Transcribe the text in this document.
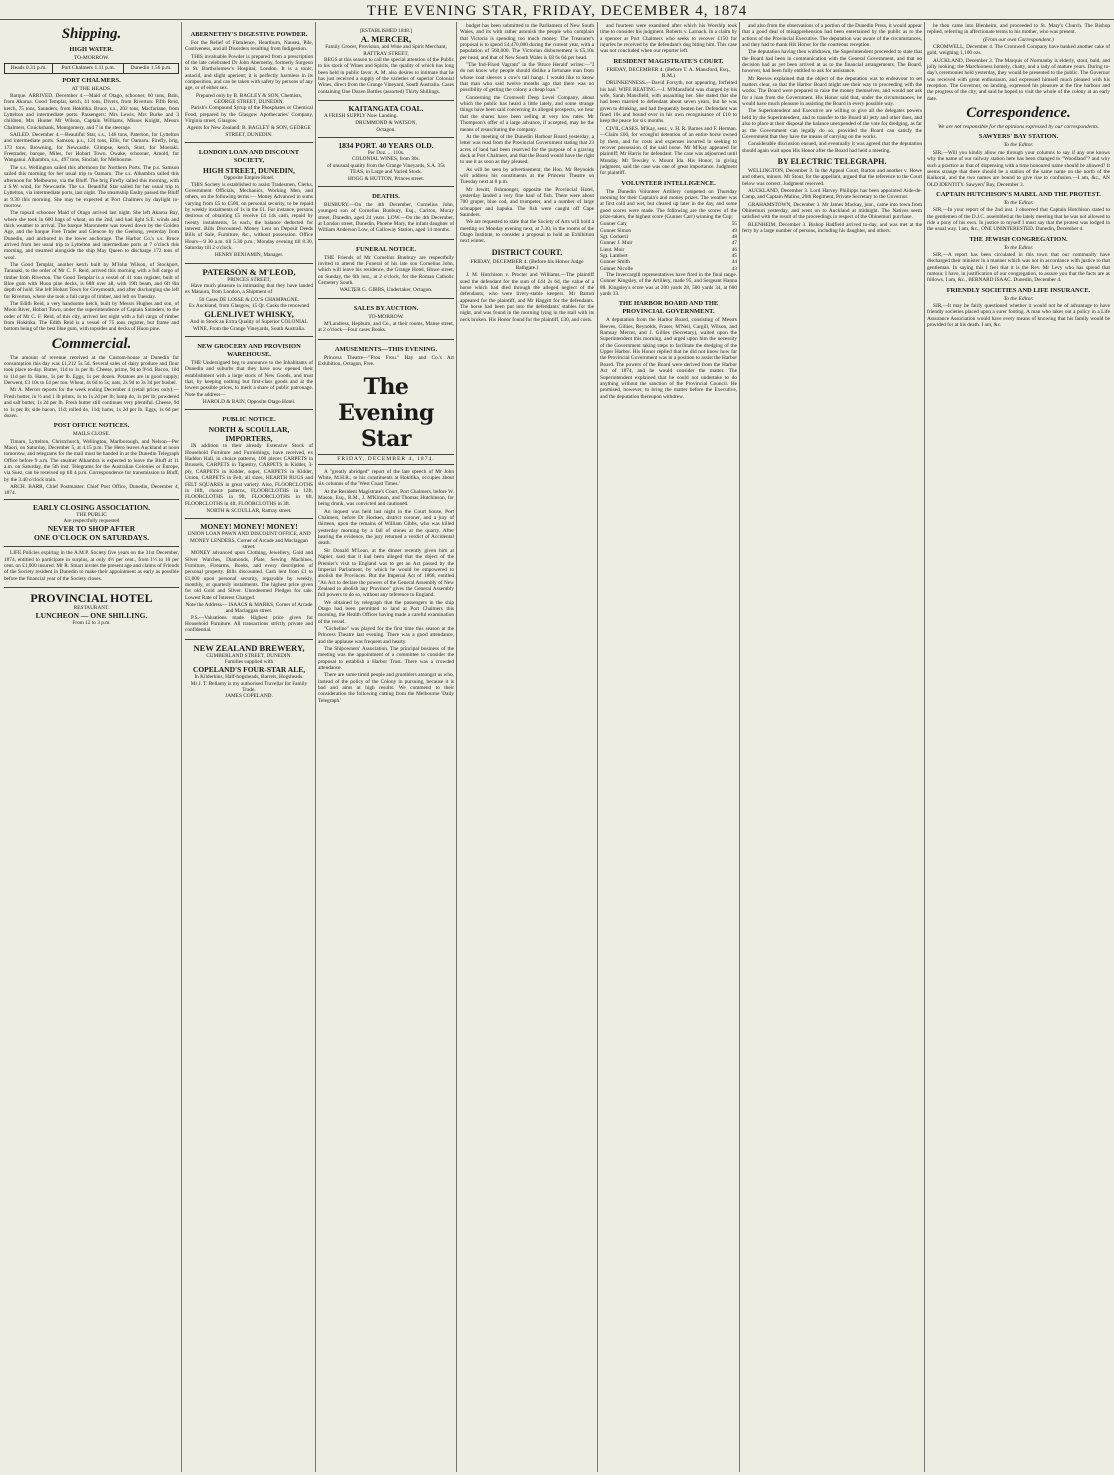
THE EVENING STAR, FRIDAY, DECEMBER 4, 1874
Shipping.
HIGH WATER.
TO-MORROW.
Heads 0.31 p.m.	Port Chalmers 1.11 p.m.	Dunedin 1.56 p.m.
PORT CHALMERS.
AT THE HEADS.

Barque. ARRIVED. December 4.—Maid of Otago, schooner, 60 tons, Bain, from Akaroa. Good Templar, ketch, 41 tons, Divers, from Riverton. Fifth Reid, ketch, 75 tons, Saunders, from Hokitika. Bruce, s.s., 202 tons, Macfarlane, from Lyttelton and intermediate ports. Passengers: Mrs Lewis, Mrs Burke and 3 children, Mrs Hunter Mr Wilson, Captain Williams, Misses Knight, Messrs Chalmers, Cruickshank, Montgomery, and 7 in the steerage.

SAILED. December 4.—Beautiful Star, s.s., 146 tons, Paterson, for Lyttelton and intermediate ports. Samson, p.s., 124 tons, Ellis, for Oamaru. Firefly, brig, 173 tons, Browning, for Newcastle. Glimpse, ketch, Stott, for Moeraki. Freetrader, barque, Miles, for Hobart Town. Owake, schooner, Arnold, for Wanganui. Alhambra, s.s., 497 tons, Sinclair, for Melbourne.

The s.s. Wellington sailed this afternoon for Northern Ports. The p.s. Samson sailed this morning for her usual trip to Oamaru. The s.s. Alhambra sailed this afternoon for Melbourne, via the Bluff. The brig Firefly sailed this morning, with a S.W. wind, for Newcastle. The s.s. Beautiful Star sailed for her usual trip to Lyttelton, via intermediate ports, last night. The steamship Easby passed the Bluff at 9.30 this morning. She may be expected at Port Chalmers by daylight to-morrow.

The topsail schooner Maid of Otago arrived last night. She left Akaroa Bay, where she took in 600 bags of wheat, on the 2nd, and had light S.E. winds and thick weather to arrival. The barque Maronnette was towed down by the Golden Age, and the barque Free Trader and Glencoe by the Geelong, yesterday from Dunedin, and anchored in the lower anchorage. The Harbor Co.'s s.s. Bruce arrived from her usual trip to Lyttelton and intermediate ports at 7 o'clock this morning, and steamed alongside the ship May Queen to discharge 172 tons of wool.

The Good Templar, another ketch built by M'John Wilson, of Stockport, Taranaki, to the order of Mr C. F. Reid, arrived this morning with a full cargo of timber from Riverton. The Good Templar is a vessel of 41 tons register, built of Blue gum with Huon pine decks, is 68ft over all, with 19ft beam, and 6ft 8in depth of hold. She left Hobart Town for Greymouth, and after discharging she left for Riverton, where she took a full cargo of timber, and left on Tuesday.

The Edith Reid, a very handsome ketch, built by Messrs Hughes and son, of Moon River, Hobart Town, under the superintendence of Captain Saunders, to the order of Mr C. F. Reid, of this city, arrived last night with a full cargo of timber from Hokitika. The Edith Reid is a vessel of 75 tons register, but frame and bottom being of the best blue gum, with topsides and decks of Huon pine.

Commercial.

The amount of revenue received at the Custom-house at Dunedin for consumption this day was £1,212 5s 5d. Several sales of dairy produce and flour took place to-day. Butter, 11d to 1s per lb. Cheese, prime, 9d to 9½d. Bacon, 10d to 11d per lb. Hams, 1s per lb. Eggs, 1s per dozen. Potatoes are in good supply; Derwent, £3 10s to £4 per ton. Wheat, 4s 6d to 5s; oats, 2s 9d to 3s 3d per bushel.

Mr A. Mercer reports for the week ending December 4 (retail prices only):—Fresh butter, in ½ and 1 lb prints, 1s to 1s 2d per lb; lump do, 1s per lb; powdered and salt butter, 1s 2d per lb. Fresh butter still continues very plentiful. Cheese, 9d to 1s per lb; side bacon, 11d; rolled do, 11d; hams, 1s 2d per lb. Eggs, 1s 6d per dozen.

POST OFFICE NOTICES.
MAILS CLOSE.

Timaru, Lyttelton, Christchurch, Wellington, Marlborough, and Nelson—Per Maori, on Saturday, December 5, at 4.15 p.m. The Hero leaves Auckland at noon tomorrow, and telegrams for the mail must be handed in at the Dunedin Telegraph Office before 9 a.m. The steamer Alhambra is expected to leave the Bluff at 11 a.m. on Saturday, the 5th inst. Telegrams for the Australian Colonies or Europe, via Suez, can be received up till 4 p.m. Correspondence for transmission to Bluff, by the 3.40 o'clock train.

ARCH. BARR, Chief Postmaster. Chief Post Office, Dunedin, December 4, 1874.

EARLY CLOSING ASSOCIATION.
THE PUBLIC
Are respectfully requested
NEVER TO SHOP AFTER
ONE O'CLOCK ON SATURDAYS.

LIFE Policies expiring in the A.M.P. Society five years on the 31st December, 1874, entitled to participate in surplus, at only 4½ per cent., from 1½ to 10 per cent. on £1,000 insured. Mr R. Smart invites the present age and claims of Friends of the Society resident in Dunedin to make their appointment as early as possible before the financial year of the Society closes.

PROVINCIAL HOTEL
RESTAURANT.
LUNCHEON — ONE SHILLING.
From 12 to 3 p.m.
ABERNETHY'S DIGESTIVE POWDER.

For the Relief of Flatulence, Heartburn, Nausea, Pile, Costiveness, and all Disorders resulting from Indigestion.

THIS invaluable Powder is prepared from a prescription of the late celebrated Dr John Abernethy, formerly Surgeon to St. Bartholomew's Hospital, London. It is a tonic, antacid, and slight aperient; it is perfectly harmless in its composition, and can be taken with safety by persons of any age, or of either sex.

Prepared only by B. BAGLEY & SON, Chemists, GEORGE STREET, DUNEDIN.

Parish's Compound Syrup of the Phosphates or Chemical Food, prepared by the Glasgow Apothecaries' Company, Virginia street, Glasgow.

Agents for New Zealand: B. BAGLEY & SON, GEORGE STREET, DUNEDIN.
LONDON LOAN AND DISCOUNT SOCIETY,
HIGH STREET, DUNEDIN,
Opposite Empire Hotel.

THIS Society is established to assist Tradesmen, Clerks, Government Officials, Mechanics, Working Men, and others, on the following terms:— Money Advanced in sums varying from £5 to £500, on personal security, to be repaid by weekly instalments of 1s in the £1. For instance, persons desirous of obtaining £5 receive £4 14s cash, repaid by twenty instalments, 5s each, the balance deducted for interest. Bills Discounted. Money Lent on Deposit Deeds Bills of Sale, Furniture, &c., without possession. Office Hours—9 30 a.m. till 5.30 p.m.; Monday evening till 8.30, Saturday till 2 o'clock.

HENRY BENJAMIN, Manager.
PATERSON & M'LEOD,
PRINCES STREET,

Have much pleasure in intimating that they have landed ex Mataura, from London, a Shipment of

50 Cases DE LOSSE & CO.'S CHAMPAGNE.
Ex Auckland, from Glasgow, 15 Qr. Casks the renowned
GLENLIVET WHISKY,
And in Stock an Extra Quality of Superior COLONIAL WINE, From the Grange Vineyards, South Australia.
NEW GROCERY AND PROVISION WAREHOUSE.

THE Undersigned beg to announce to the Inhabitants of Dunedin and suburbs that they have now opened their establishment with a large stock of New Goods, and trust that, by keeping nothing but first-class goods and at the lowest possible prices, to merit a share of public patronage. Note the address—

HAROLD & BAIN, Opposite Otago Hotel.
PUBLIC NOTICE.
NORTH & SCOULLAR, IMPORTERS,

IN addition to their already Extensive Stock of Household Furniture and Furnishings, have received, ex Haddon Hall, in choice patterns, 100 pieces CARPETS in Brussels, CARPETS in Tapestry, CARPETS in Kidder, 3-ply, CARPETS in Kidder, super, CARPETS in Kidder, Union, CARPETS in Felt, all sizes, HEARTH RUGS and FELT SQUARES in great variety. Also, FLOORCLOTHS in 18ft, choice patterns, FLOORCLOTHS in 12ft, FLOORCLOTHS in 9ft, FLOORCLOTHS in 6ft, FLOORCLOTHS in 4ft, FLOORCLOTHS in 3ft.

NORTH & SCOULLAR, Rattray street.
MONEY! MONEY! MONEY!
UNION LOAN PAWN AND DISCOUNT OFFICE, AND MONEY LENDERS, Corner of Arcade and Maclaggan street.

MONEY advanced upon Clothing, Jewellery, Gold and Silver Watches, Diamonds, Plate, Sewing Machines, Furniture, Firearms, Books, and every description of personal property. Bills discounted. Cash lent from £1 to £1,000 upon personal security, repayable by weekly, monthly, or quarterly instalments. The highest price given for old Gold and Silver. Unredeemed Pledges for sale. Lowest Rate of Interest Charged.

Note the Address— ISAACS & MARKS, Corner of Arcade and Maclaggan street.

P.S.—Valuations made. Highest price given for Household Furniture. All transactions strictly private and confidential.

NEW ZEALAND BREWERY,
CUMBERLAND STREET, DUNEDIN.
Families supplied with
COPELAND'S FOUR-STAR ALE,
In Kilderkins, Half-hogsheads, Barrels, Hogsheads.
Mr J. T. Bellamy is my authorised Travellar for Family Trade.
JAMES COPELAND.
[ESTABLISHED 1848.]
A. MERCER,
Family Grocer, Provision, and Wine and Spirit Merchant,
RATTRAY STREET,

BEGS at this season to call the special attention of the Public to his stock of Wines and Spirits, the quality of which has long been held in public favor. A. M. also desires to intimate that he has just received a supply of the varieties of superior Colonial Wines, direct from the Grange Vineyard, South Australia. Cases containing One Dozen Bottles (assorted) Thirty Shillings.

KAITANGATA COAL.

A FRESH SUPPLY Now Landing.

DRUMMOND & WATSON,
Octagon.
1834 PORT. 40 YEARS OLD.
Per Doz. ... 110s.
COLONIAL WINES, from 30s.
of unusual quality from the Grange Vineyards, S.A. 35s
TEAS, in Large and Varied Stock.
HOGG & HUTTON, Princes street.
DEATHS.

BUSBURY.—On the 4th December, Cornelius John, youngest son of Cornelius Bunbury, Esq., Carlton, Moray street, Dunedin, aged 24 years. LOW.—On the 4th December, at London street, Dunedin, Phoebe Mary, the infant daughter of William Anderson Low, of Galloway Station, aged 14 months.

FUNERAL NOTICE.

THE Friends of Mr Cornelius Bunbury are respectfully invited to attend the Funeral of his late son Cornelius John, which will leave his residence, the Grange Hotel, Howe street, on Sunday, the 6th inst., at 2 o'clock, for the Roman Catholic Cemetery South.

WALTER G. GIBBS, Undertaker, Octagon.
SALES BY AUCTION.
TO-MORROW.

M'Landress, Hepburn, and Co., at their rooms, Manse street, at 2 o'clock—Four cases Books.

AMUSEMENTS—THIS EVENING.

Princess Theatre—"Frou Frou." Hay and Co.'s Art Exhibition, Octagon, Free.

The Evening Star
FRIDAY, DECEMBER 4, 1874.

A "greatly abridged" report of the late speech of Mr John White, M.H.R., to his constituents at Hokitika, occupies about six columns of the 'West Coast Times.'

At the Resident Magistrate's Court, Port Chalmers, before W. Mason, Esq., R.M., J. M'Kinnon, and Thomas Hutchinson, for being drunk, was convicted and cautioned.

An inquest was held last night in the Court house, Port Chalmers, before Dr Hocken, district coroner, and a jury of thirteen, upon the remains of William Gibbs, who was killed yesterday morning by a fall of stones at the quarry. After hearing the evidence, the jury returned a verdict of Accidental death.

Sir Donald M'Lean, at the dinner recently given him at Napier, said that it had been alleged that the object of the Premier's visit to England was to get an Act passed by the Imperial Parliament, by which he would be empowered to abolish the Provinces. But the Imperial Act of 1868, entitled "An Act to declare the powers of the General Assembly of New Zealand to abolish any Province" gives the General Assembly full powers to do so, without any reference to England.

We obtained by telegraph that the passengers in the ship Otago had been permitted to land at Port Chalmers this morning, the Health Officer having made a careful examination of the vessel.

"Gicheline" was played for the first time this season at the Princess Theatre last evening. There was a good attendance, and the applause was frequent and hearty.

The Shipowners' Association. The principal business of the meeting was the appointment of a committee to consider the proposal to establish a Harbor Trust. There was a crowded attendance.

There are some timid people and grumblers amongst us who, instead of the policy of the Colony in pursuing, because it is bad and aims at high results. We commend to their consideration the following cutting from the Melbourne 'Daily Telegraph.'

budget has been submitted to the Parliament of New South Wales, and its with rather astonish the people who complain that Victoria is spending too much money. The Treasurer's proposal is to spend £4,470,000 during the current year, with a population of 560,000. The Victorian disbursement is £5,10s per head, and that of New South Wales is £8 6s 6d per head.

"The Ind-Fixed Vagrant" in the 'Bruce Herald' writes:—"I do not know why people should dislike a fortunate man from whose coat sleeves a cow's tail hangs. I would like to know that man who said twelve months ago that there was no possibility of getting the colony a cheap loan."

Concerning the Cromwell Deep Level Company, about which the public has heard a little lately, and some strange things have been said concerning its alleged prospects, we hear that the shares have been selling at very low rates. Mr Thompson's offer of a large advance, if accepted, may be the means of resuscitating the company.

At the meeting of the Dunedin Harbour Board yesterday, a letter was read from the Provincial Government stating that 23 acres of land had been reserved for the purpose of a graving dock at Port Chalmers, and that the Board would have the right to use it as soon as they pleased.

As will be seen by advertisement, the Hon. Mr Reynolds will address his constituents at the Princess Theatre on Tuesday next at 8 p.m.

Mr Jewitt, fishmonger, opposite the Provincial Hotel, yesterday landed a very fine haul of fish. There were about 700 groper, blue cod, and trumpeter, and a number of large schnapper and hapuka. The fish were caught off Cape Saunders.

We are requested to state that the Society of Arts will hold a meeting on Monday evening next, at 7.30, in the rooms of the Otago Institute, to consider a proposal to hold an Exhibition next winter.

DISTRICT COURT.
FRIDAY, DECEMBER 4. (Before his Honor Judge Bathgate.)

J. M. Hutchison v. Procter and Williams.—The plaintiff sued the defendant for the sum of £44 2s 6d, the value of a horse which had died through the alleged neglect of the defendants, who were livery-stable keepers. Mr Barton appeared for the plaintiff, and Mr Haggitt for the defendants. The horse had been put into the defendants' stables for the night, and was found in the morning lying in the stall with its neck broken. His Honor found for the plaintiff, £30, and costs.

and fourteen were examined after which his Worship took time to consider his judgment. Roberts v. Larnach. In a claim by a spencer at Port Chalmers who seeks to recover £150 for injuries he received by the defendant's dog biting him. This case was not concluded when our reporter left.

RESIDENT MAGISTRATE'S COURT.
FRIDAY, DECEMBER 4. (Before T. A. Mansford, Esq., R.M.)

DRUNKENNESS.—David Forsyth, not appearing, forfeited his bail. WIFE BEATING.—J. M'Mansfield was charged by his wife, Sarah Mansfield, with assaulting her. She stated that she had been married to defendant about seven years, but he was given to drinking, and had frequently beaten her. Defendant was fined 10s and bound over in his own recognisance of £10 to keep the peace for six months.

CIVIL CASES. M'Kay, senr., v. H. R. Barnes and F. Herman.—Claim £60, for wrongful detention of an entire horse owned by them, and for costs and expenses incurred in seeking to recover possession of the said horse. Mr M'Kay appeared for plaintiff; Mr Harris for defendant. The case was adjourned until Monday. Mr Tewsley v. Mount Ida. His Honor, in giving judgment, said the case was one of great importance. Judgment for plaintiff.

VOLUNTEER INTELLIGENCE.

The Dunedin Volunteer Artillery competed on Thursday morning for their Captain's and money prizes. The weather was at first cold and wet, but cleared up later in the day, and some good scores were made. The following are the scores of the prize-takers, the highest score (Gunner Carr) winning the Cup:

Gunner Carr	55
Gunner Simon	49
Sgt. Cockeril	48
Gunner J. Muir	47
Lieut. Muir	46
Sgt. Lambert	45
Gunner Smith	44
Gunner Nicolle	43

The Invercargill representatives have fired in the final range. Gunner Kingsley, of the Artillery, made 95, and Sergeant Hanna 88. Kingsley's score was at 200 yards 28, 500 yards 34, at 600 yards 33.

THE HARBOR BOARD AND THE PROVINCIAL GOVERNMENT.

A deputation from the Harbor Board, consisting of Messrs Reeves, Gillies, Reynolds, Fraser, M'Neil, Cargill, Wilson, and Ramsay Mercer, and J. Gillies (Secretary), waited upon the Superintendent this morning, and urged upon him the necessity of the Government taking steps to facilitate the dredging of the Upper Harbor. His Honor replied that he did not know how far the Provincial Government was in a position to assist the Harbor Board. The powers of the Board were derived from the Harbor Act of 1874, and he would consider the matter. The Superintendent explained that he could not undertake to do anything without the sanction of the Provincial Council. He promised, however, to bring the matter before the Executive, and the deputation thereupon withdrew.

and also from the observations of a portion of the Dunedin Press, it would appear that a good deal of misapprehension had been entertained by the public as to the actions of the Provincial Executive. The deputation was aware of the circumstances, and they had to thank His Honor for the courteous reception.

The deputation having then withdrawn, the Superintendent proceeded to state that the Board had been in communication with the General Government, and that no decision had as yet been arrived at as to the financial arrangements. The Board, however, had been fully entitled to ask for assistance.

Mr Reeves explained that the object of the deputation was to endeavour to set matters clear, so that the Harbor Board might see their way to proceeding with the works. The Board were prepared to raise the money themselves, and would not ask for a loan from the Government. His Honor said that, under the circumstances, he would have much pleasure in assisting the Board in every possible way.

The Superintendent and Executive are willing to give all the delegates powers held by the Superintendent, and to transfer to the Board all jetty and other dues, and also to place at their disposal the balance unexpended of the vote for dredging, as far as the Government can legally do so, provided the Board can satisfy the Government that they have the means of carrying on the works.

Considerable discussion ensued, and eventually it was agreed that the deputation should again wait upon His Honor after the Board had held a meeting.

BY ELECTRIC TELEGRAPH.

WELLINGTON, December 3. In the Appeal Court, Barton and another v. Howe and others, minors. Mr Stout, for the appellant, argued that the reference to the Court below was correct. Judgment reserved.

AUCKLAND, December 3. Lord Harvey Phillipps has been appointed Aide-de-Camp, and Captain Malino, 20th Regiment, Private Secretary to the Governor.

GRAHAMSTOWN, December 3. Mr James Mackay, junr., came into town from Ohinemuri yesterday, and went on to Auckland at midnight. The Natives seem satisfied with the result of the proceedings in respect of the Ohinemuri purchase.

BLENHEIM, December 3. Bishop Hadfield arrived to-day, and was met at the ferry by a large number of persons, including his daughter, and others.

he then came into Blenheim, and proceeded to St. Mary's Church. The Bishop replied, referring in affectionate terms to his mother, who was present.

(From our own Correspondent.)

CROMWELL, December 4. The Cromwell Company have banked another cake of gold, weighing 1,100 ozs.

AUCKLAND, December 3. The Marquis of Normanby is elderly, stout, bald, and jolly looking; the Marchioness homely, chatty, and a lady of mature years. During to-day's ceremonies held yesterday, they would be presented to the public. The Governor was received with great enthusiasm, and expressed himself much pleased with his reception. The Governor, on landing, expressed his pleasure at the fine harbour and the progress of the city, and said he hoped to visit the whole of the colony at an early date.

Correspondence.
We are not responsible for the opinions expressed by our correspondents.
SAWYERS' BAY STATION.
To the Editor.

SIR,—Will you kindly allow me through your columns to say if any one knows why the name of our railway station here has been changed to "Woodland"? and why such a practice as that of dispensing with a time honoured name should be allowed? It seems strange that there should be a station of the same name on the north of the Kaikorai, and the two names are bound to give rise to confusion.—I am, &c., AN OLD IDENTITY. Sawyers' Bay, December 3.

CAPTAIN HUTCHISON'S MABEL AND THE PROTEST.
To the Editor.

SIR,—In your report of the 2nd inst. I observed that Captain Hutchison stated to the gentlemen of the D.J.C. assembled at the lately meeting that he was not allowed to ride a pony of his own. In justice to myself I must say that the protest was lodged in the usual way. I am, &c., ONE UNINTERESTED. Dunedin, December 4.

THE JEWISH CONGREGATION.
To the Editor.

SIR,—A report has been circulated in this town that our community have discharged their minister in a manner which was not in accordance with justice to that gentleman. In saying this I feel that it is the Rev. Mr Levy who has spread that rumour. I have, in justification of our congregation, to assure you that the facts are as follows. I am, &c., BERNARD ISAAC. Dunedin, December 4.

FRIENDLY SOCIETIES AND LIFE INSURANCE.
To the Editor.

SIR,—It may be fairly questioned whether it would not be of advantage to have friendly societies placed upon a surer footing. A man who takes out a policy in a Life Assurance Association would have every means of knowing that his family would be provided for at his death. I am, &c.
